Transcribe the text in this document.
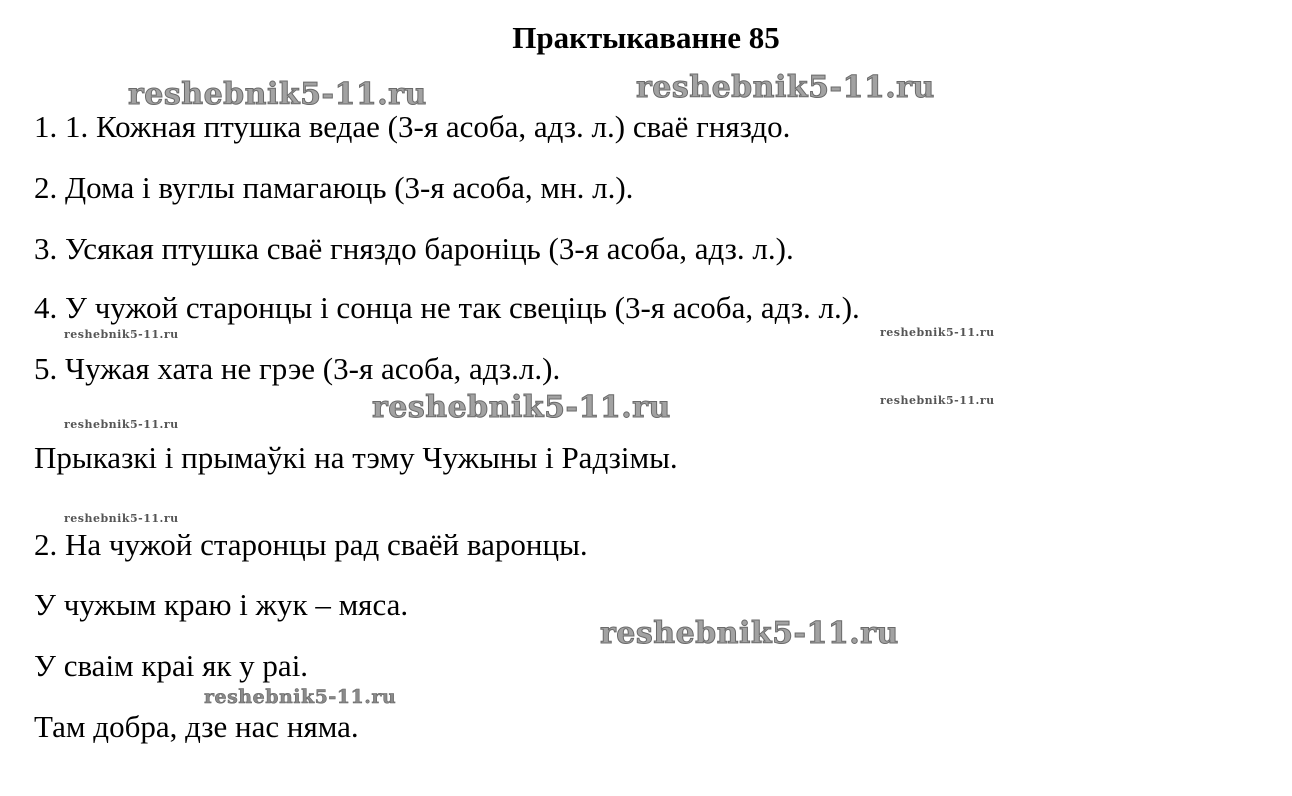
Практыкаванне 85
reshebnik5-11.ru	reshebnik5-11.ru
reshebnik5-11.ru	reshebnik5-11.ru
reshebnik5-11.ru
reshebnik5-11.ru
reshebnik5-11.ru
reshebnik5-11.ru
reshebnik5-11.ru
reshebnik5-11.ru
1. 1. Кожная птушка ведае (3-я асоба, адз. л.) сваё гняздо.
2. Дома і вуглы памагаюць (3-я асоба, мн. л.).
3. Усякая птушка сваё гняздо бароніць (3-я асоба, адз. л.).
4. У чужой старонцы і сонца не так свеціць (3-я асоба, адз. л.).
5. Чужая хата не грэе (3-я асоба, адз.л.).
Прыказкі і прымаўкі на тэму Чужыны і Радзімы.
2. На чужой старонцы рад сваёй варонцы.
У чужым краю і жук – мяса.
У сваім краі як у раі.
Там добра, дзе нас няма.
